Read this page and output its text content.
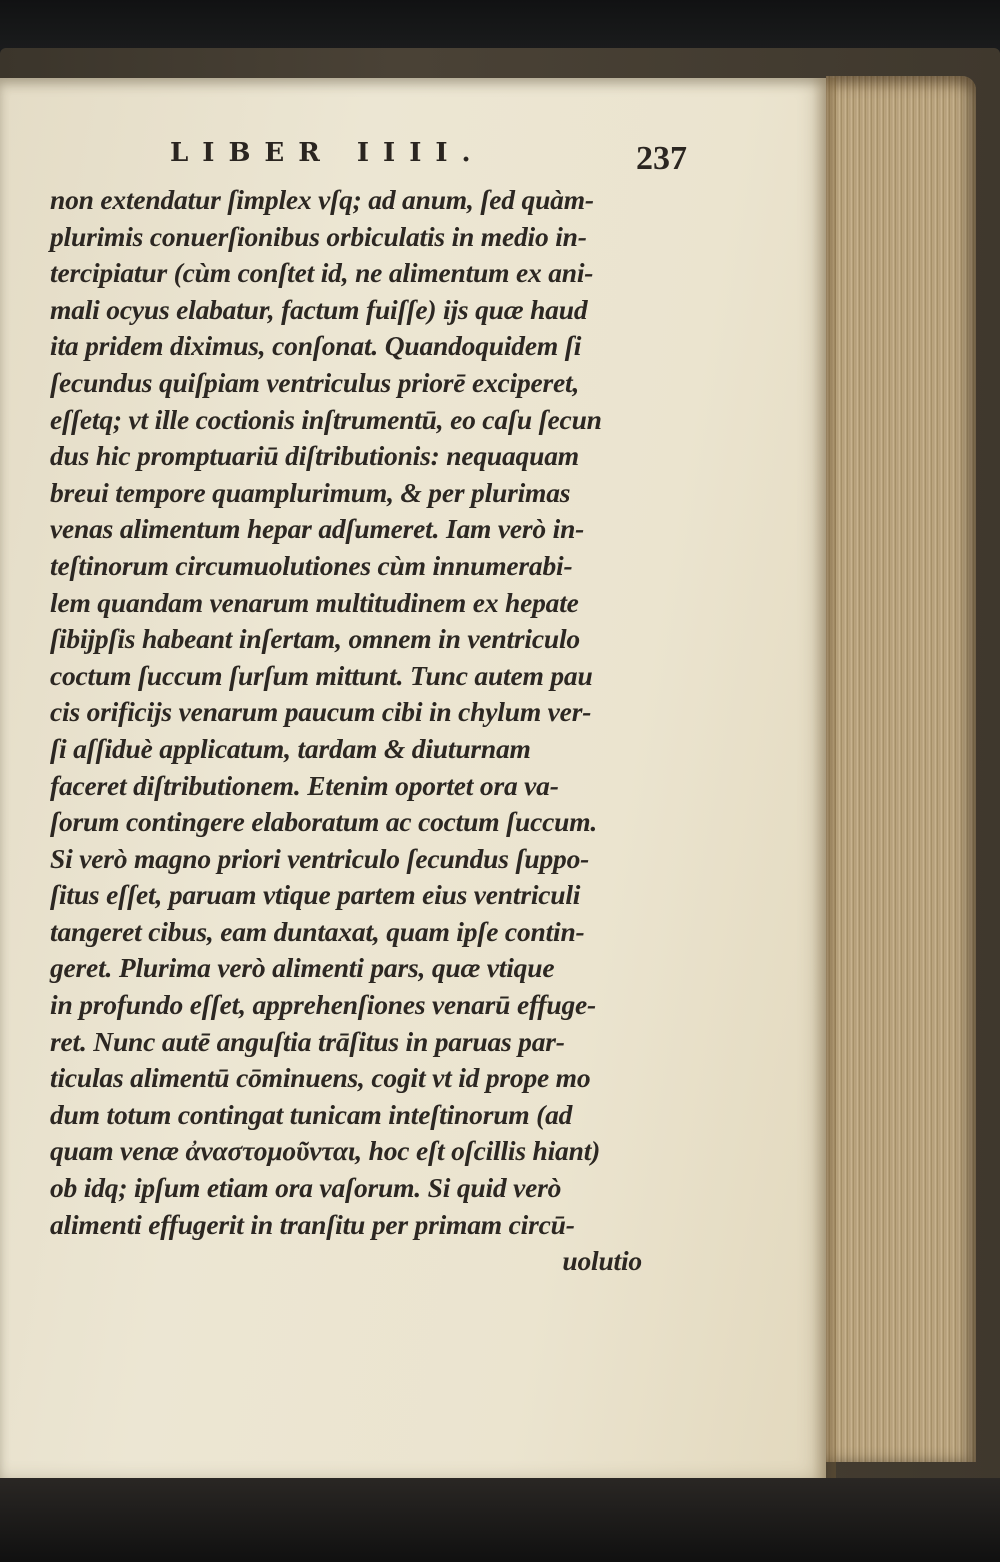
LIBER IIII.	237
non extendatur ſimplex vſq; ad anum, ſed quàm-
plurimis conuerſionibus orbiculatis in medio in-
tercipiatur (cùm conſtet id, ne alimentum ex ani-
mali ocyus elabatur, factum fuiſſe) ijs quæ haud
ita pridem diximus, conſonat. Quandoquidem ſi
ſecundus quiſpiam ventriculus priorē exciperet,
eſſetq; vt ille coctionis inſtrumentū, eo caſu ſecun
dus hic promptuariū diſtributionis: nequaquam
breui tempore quamplurimum, & per plurimas
venas alimentum hepar adſumeret. Iam verò in-
teſtinorum circumuolutiones cùm innumerabi-
lem quandam venarum multitudinem ex hepate
ſibijpſis habeant inſertam, omnem in ventriculo
coctum ſuccum ſurſum mittunt. Tunc autem pau
cis orificijs venarum paucum cibi in chylum ver-
ſi aſſiduè applicatum, tardam & diuturnam
faceret diſtributionem. Etenim oportet ora va-
ſorum contingere elaboratum ac coctum ſuccum.
Si verò magno priori ventriculo ſecundus ſuppo-
ſitus eſſet, paruam vtique partem eius ventriculi
tangeret cibus, eam duntaxat, quam ipſe contin-
geret. Plurima verò alimenti pars, quæ vtique
in profundo eſſet, apprehenſiones venarū effuge-
ret. Nunc autē anguſtia trāſitus in paruas par-
ticulas alimentū cōminuens, cogit vt id prope mo
dum totum contingat tunicam inteſtinorum (ad
quam venæ ἀναστομοῦνται, hoc eſt oſcillis hiant)
ob idq; ipſum etiam ora vaſorum. Si quid verò
alimenti effugerit in tranſitu per primam circū-
uolutio
